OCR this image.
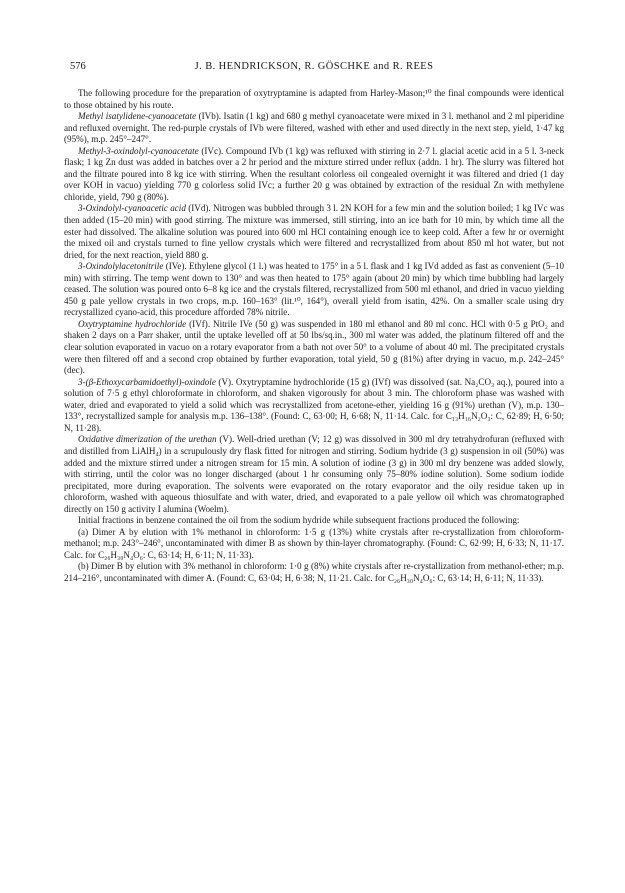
576	J. B. HENDRICKSON, R. GÖSCHKE and R. REES

The following procedure for the preparation of oxytryptamine is adapted from Harley-Mason;¹⁰ the final compounds were identical to those obtained by his route.

Methyl isatylidene-cyanoacetate (IVb). Isatin (1 kg) and 680 g methyl cyanoacetate were mixed in 3 l. methanol and 2 ml piperidine and refluxed overnight. The red-purple crystals of IVb were filtered, washed with ether and used directly in the next step, yield, 1·47 kg (95%), m.p. 245°–247°.

Methyl-3-oxindolyl-cyanoacetate (IVc). Compound IVb (1 kg) was refluxed with stirring in 2·7 l. glacial acetic acid in a 5 l. 3-neck flask; 1 kg Zn dust was added in batches over a 2 hr period and the mixture stirred under reflux (addn. 1 hr). The slurry was filtered hot and the filtrate poured into 8 kg ice with stirring. When the resultant colorless oil congealed overnight it was filtered and dried (1 day over KOH in vacuo) yielding 770 g colorless solid IVc; a further 20 g was obtained by extraction of the residual Zn with methylene chloride, yield, 790 g (80%).

3-Oxindolyl-cyanoacetic acid (IVd). Nitrogen was bubbled through 3 l. 2N KOH for a few min and the solution boiled; 1 kg IVc was then added (15–20 min) with good stirring. The mixture was immersed, still stirring, into an ice bath for 10 min, by which time all the ester had dissolved. The alkaline solution was poured into 600 ml HCl containing enough ice to keep cold. After a few hr or overnight the mixed oil and crystals turned to fine yellow crystals which were filtered and recrystallized from about 850 ml hot water, but not dried, for the next reaction, yield 880 g.

3-Oxindolylacetonitrile (IVe). Ethylene glycol (1 l.) was heated to 175° in a 5 l. flask and 1 kg IVd added as fast as convenient (5–10 min) with stirring. The temp went down to 130° and was then heated to 175° again (about 20 min) by which time bubbling had largely ceased. The solution was poured onto 6–8 kg ice and the crystals filtered, recrystallized from 500 ml ethanol, and dried in vacuo yielding 450 g pale yellow crystals in two crops, m.p. 160–163° (lit.¹⁰, 164°), overall yield from isatin, 42%. On a smaller scale using dry recrystallized cyano-acid, this procedure afforded 78% nitrile.

Oxytryptamine hydrochloride (IVf). Nitrile IVe (50 g) was suspended in 180 ml ethanol and 80 ml conc. HCl with 0·5 g PtO₂ and shaken 2 days on a Parr shaker, until the uptake levelled off at 50 lbs/sq.in., 300 ml water was added, the platinum filtered off and the clear solution evaporated in vacuo on a rotary evaporator from a bath not over 50° to a volume of about 40 ml. The precipitated crystals were then filtered off and a second crop obtained by further evaporation, total yield, 50 g (81%) after drying in vacuo, m.p. 242–245° (dec).

3-(β-Ethoxycarbamidoethyl)-oxindole (V). Oxytryptamine hydrochloride (15 g) (IVf) was dissolved (sat. Na₂CO₃ aq.), poured into a solution of 7·5 g ethyl chloroformate in chloroform, and shaken vigorously for about 3 min. The chloroform phase was washed with water, dried and evaporated to yield a solid which was recrystallized from acetone-ether, yielding 16 g (91%) urethan (V), m.p. 130–133°, recrystallized sample for analysis m.p. 136–138°. (Found: C, 63·00; H, 6·68; N, 11·14. Calc. for C₁₃H₁₆N₂O₃: C, 62·89; H, 6·50; N, 11·28).

Oxidative dimerization of the urethan (V). Well-dried urethan (V; 12 g) was dissolved in 300 ml dry tetrahydrofuran (refluxed with and distilled from LiAlH₄) in a scrupulously dry flask fitted for nitrogen and stirring. Sodium hydride (3 g) suspension in oil (50%) was added and the mixture stirred under a nitrogen stream for 15 min. A solution of iodine (3 g) in 300 ml dry benzene was added slowly, with stirring, until the color was no longer discharged (about 1 hr consuming only 75–80% iodine solution). Some sodium iodide precipitated, more during evaporation. The solvents were evaporated on the rotary evaporator and the oily residue taken up in chloroform, washed with aqueous thiosulfate and with water, dried, and evaporated to a pale yellow oil which was chromatographed directly on 150 g activity I alumina (Woelm).

Initial fractions in benzene contained the oil from the sodium hydride while subsequent fractions produced the following:

(a) Dimer A by elution with 1% methanol in chloroform: 1·5 g (13%) white crystals after re-crystallization from chloroform-methanol; m.p. 243°–246°, uncontaminated with dimer B as shown by thin-layer chromatography. (Found: C, 62·99; H, 6·33; N, 11·17. Calc. for C₂₆H₃₀N₄O₆: C, 63·14; H, 6·11; N, 11·33).

(b) Dimer B by elution with 3% methanol in chloroform: 1·0 g (8%) white crystals after re-crystallization from methanol-ether; m.p. 214–216°, uncontaminated with dimer A. (Found: C, 63·04; H, 6·38; N, 11·21. Calc. for C₂₆H₃₀N₄O₆: C, 63·14; H, 6·11; N, 11·33).
